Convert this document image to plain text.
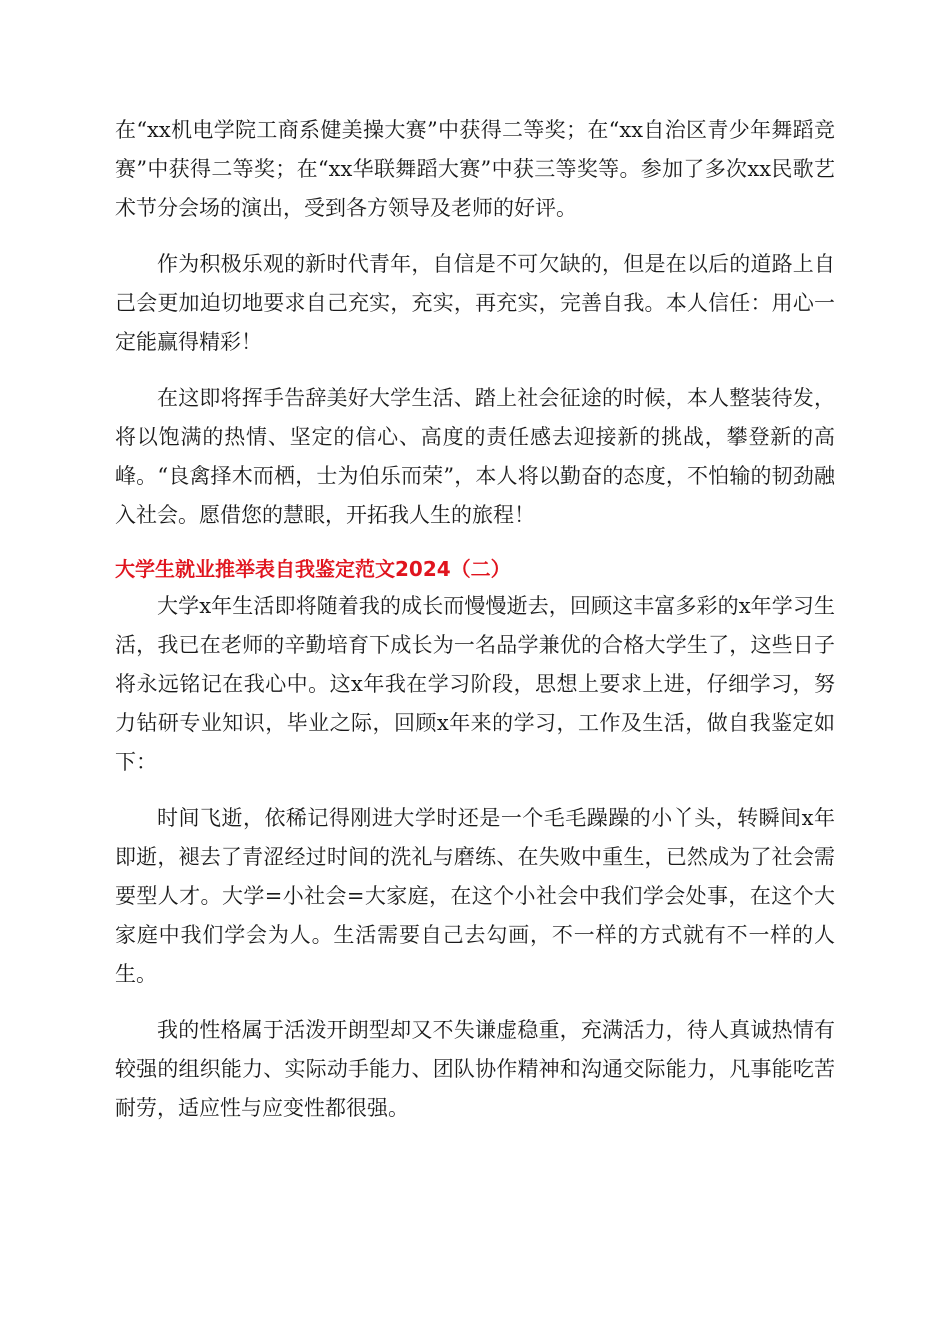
在“xx机电学院工商系健美操大赛”中获得二等奖；在“xx自治区青少年舞蹈竞赛”中获得二等奖；在“xx华联舞蹈大赛”中获三等奖等。参加了多次xx民歌艺术节分会场的演出，受到各方领导及老师的好评。

作为积极乐观的新时代青年，自信是不可欠缺的，但是在以后的道路上自己会更加迫切地要求自己充实，充实，再充实，完善自我。本人信任：用心一定能赢得精彩！

在这即将挥手告辞美好大学生活、踏上社会征途的时候，本人整装待发，将以饱满的热情、坚定的信心、高度的责任感去迎接新的挑战，攀登新的高峰。“良禽择木而栖，士为伯乐而荣”，本人将以勤奋的态度，不怕输的韧劲融入社会。愿借您的慧眼，开拓我人生的旅程！

大学生就业推举表自我鉴定范文2024（二）

大学x年生活即将随着我的成长而慢慢逝去，回顾这丰富多彩的x年学习生活，我已在老师的辛勤培育下成长为一名品学兼优的合格大学生了，这些日子将永远铭记在我心中。这x年我在学习阶段，思想上要求上进，仔细学习，努力钻研专业知识，毕业之际，回顾x年来的学习，工作及生活，做自我鉴定如下：

时间飞逝，依稀记得刚进大学时还是一个毛毛躁躁的小丫头，转瞬间x年即逝，褪去了青涩经过时间的洗礼与磨练、在失败中重生，已然成为了社会需要型人才。大学=小社会=大家庭，在这个小社会中我们学会处事，在这个大家庭中我们学会为人。生活需要自己去勾画，不一样的方式就有不一样的人生。

我的性格属于活泼开朗型却又不失谦虚稳重，充满活力，待人真诚热情有较强的组织能力、实际动手能力、团队协作精神和沟通交际能力，凡事能吃苦耐劳，适应性与应变性都很强。
